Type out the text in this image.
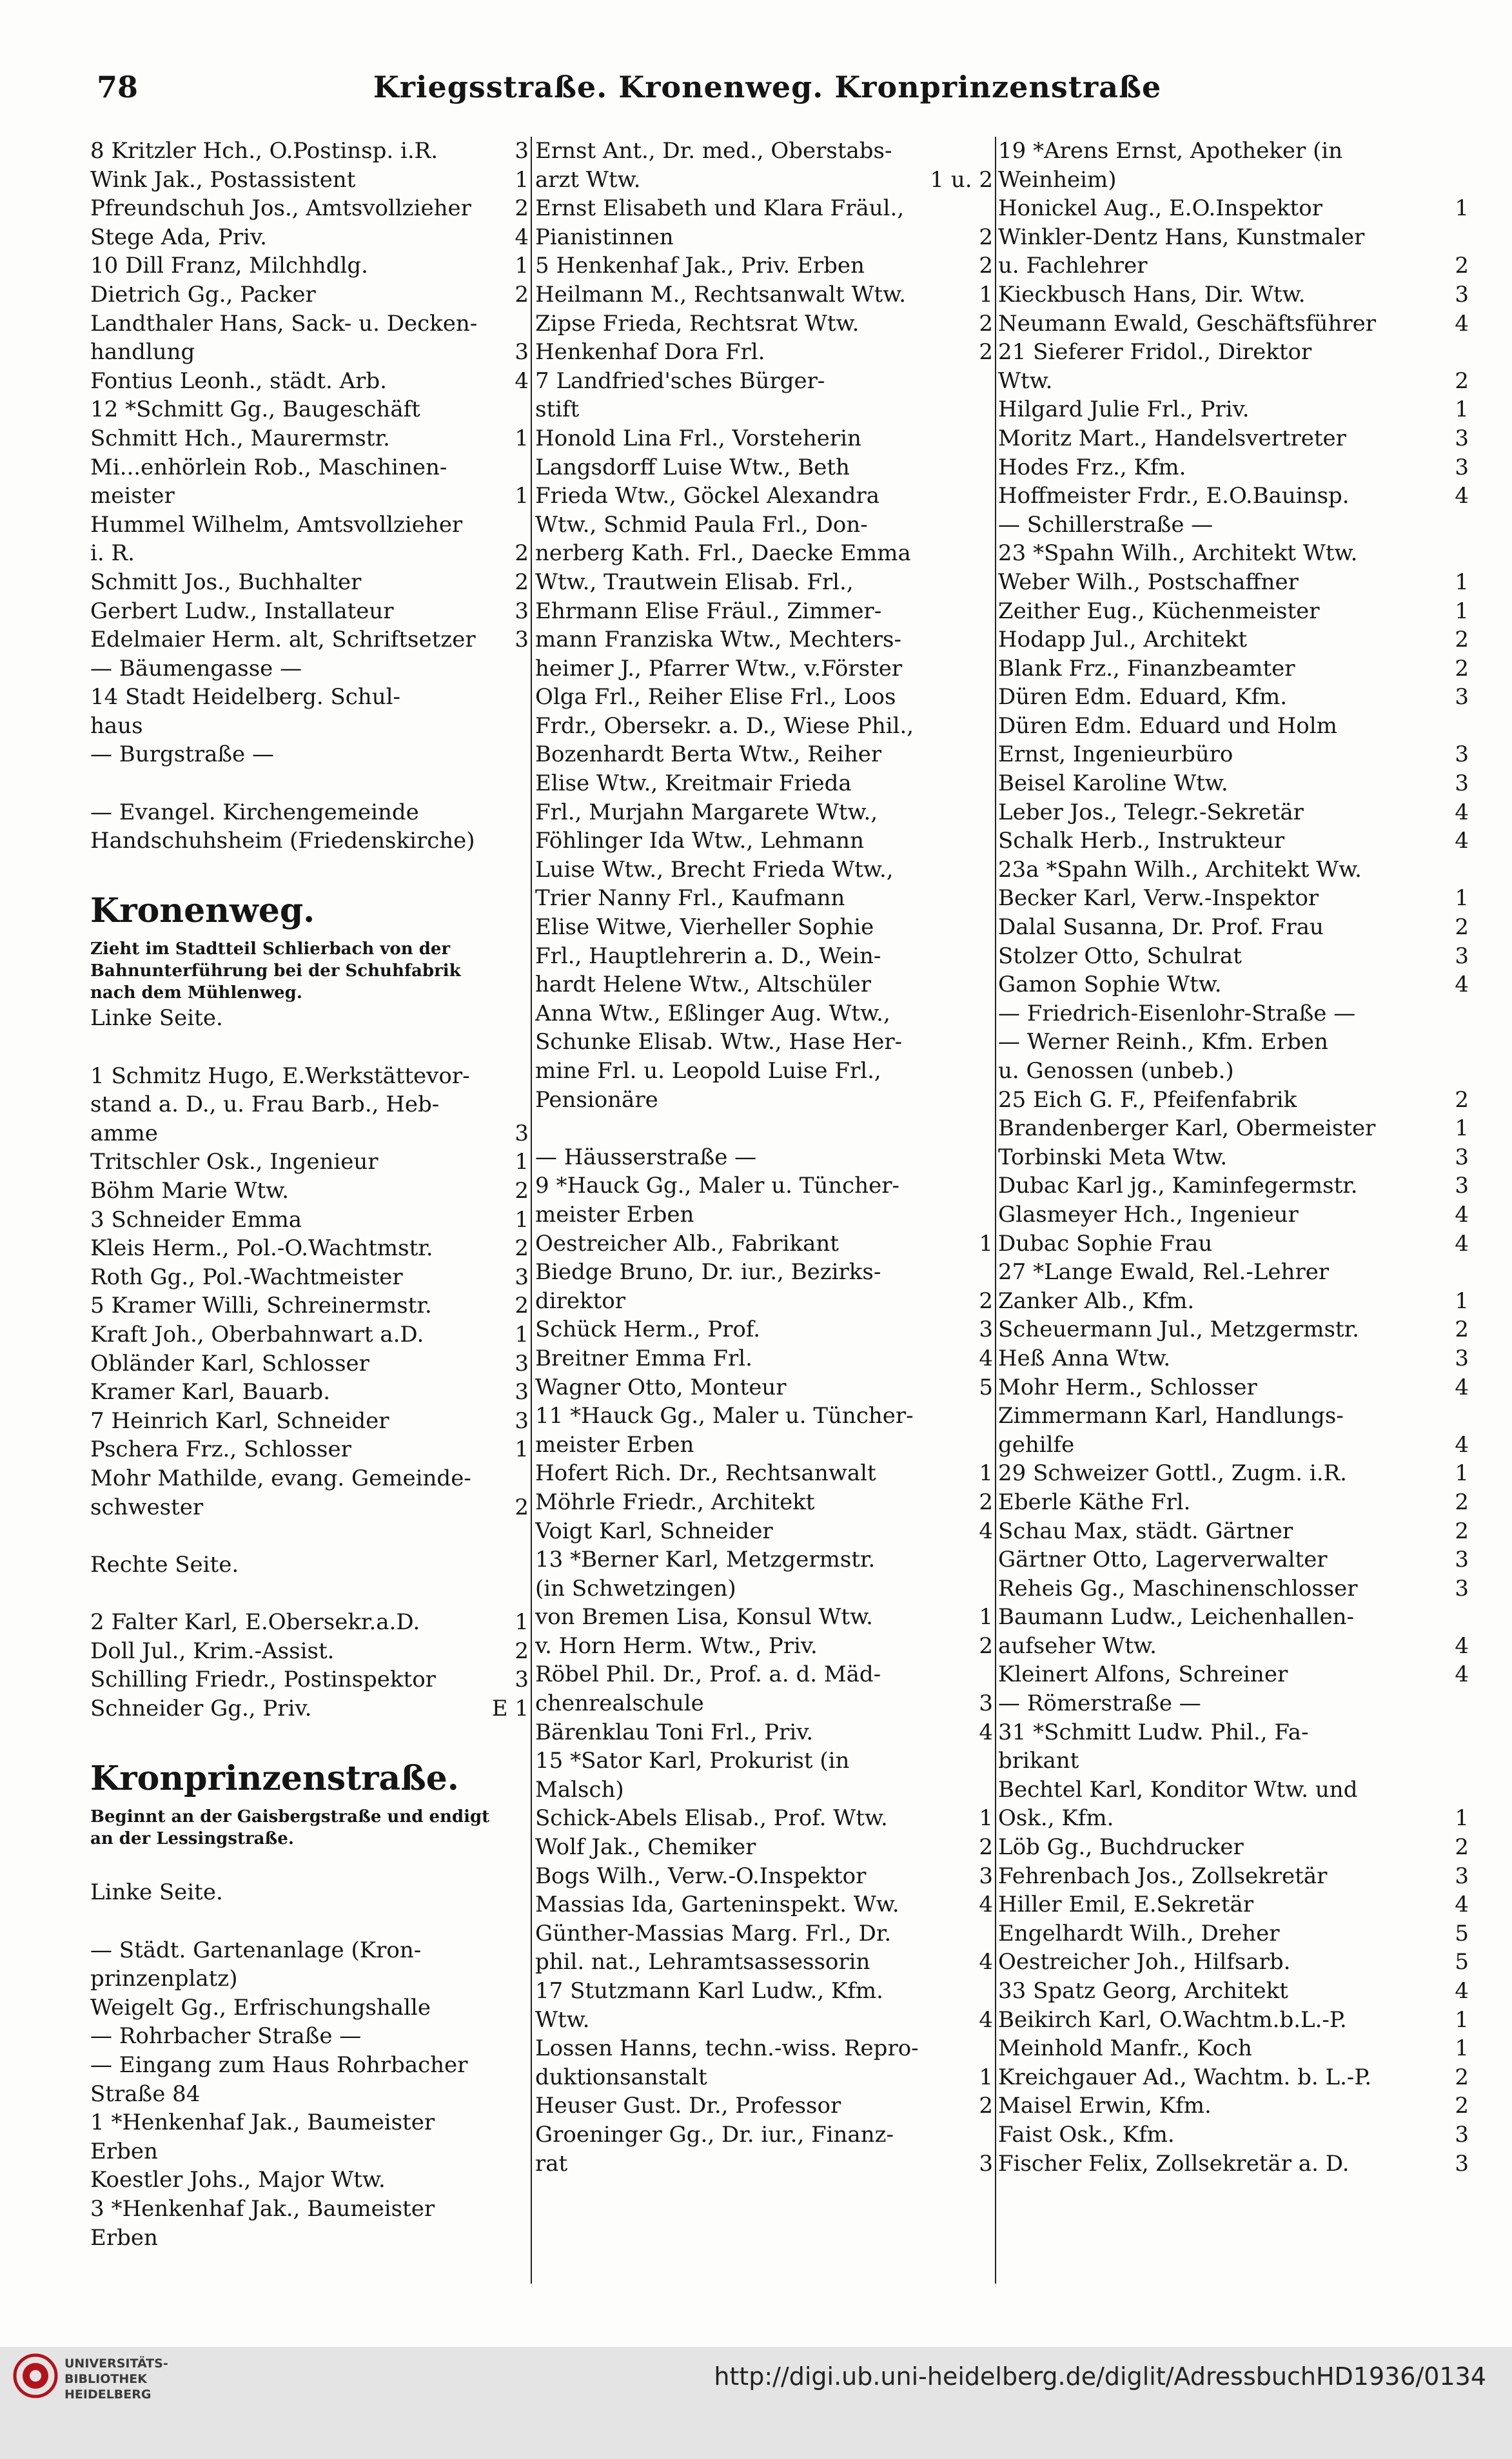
78	Kriegsstraße. Kronenweg. Kronprinzenstraße
8 Kritzler Hch., O.Postinsp. i.R.	3
Wink Jak., Postassistent	1
Pfreundschuh Jos., Amtsvollzieher	2
Stege Ada, Priv.	4
10 Dill Franz, Milchhdlg.	1
Dietrich Gg., Packer	2
Landthaler Hans, Sack- u. Decken-
handlung	3
Fontius Leonh., städt. Arb.	4
12 *Schmitt Gg., Baugeschäft
Schmitt Hch., Maurermstr.	1
Mi...enhörlein Rob., Maschinen-
meister	1
Hummel Wilhelm, Amtsvollzieher
i. R.	2
Schmitt Jos., Buchhalter	2
Gerbert Ludw., Installateur	3
Edelmaier Herm. alt, Schriftsetzer	3
— Bäumengasse —
14 Stadt Heidelberg. Schul-
haus
— Burgstraße —
— Evangel. Kirchengemeinde
Handschuhsheim (Friedenskirche)
Kronenweg.
Zieht im Stadtteil Schlierbach von der
Bahnunterführung bei der Schuhfabrik
nach dem Mühlenweg.
Linke Seite.
1 Schmitz Hugo, E.Werkstättevor-
stand a. D., u. Frau Barb., Heb-
amme	3
Tritschler Osk., Ingenieur	1
Böhm Marie Wtw.	2
3 Schneider Emma	1
Kleis Herm., Pol.-O.Wachtmstr.	2
Roth Gg., Pol.-Wachtmeister	3
5 Kramer Willi, Schreinermstr.	2
Kraft Joh., Oberbahnwart a.D.	1
Obländer Karl, Schlosser	3
Kramer Karl, Bauarb.	3
7 Heinrich Karl, Schneider	3
Pschera Frz., Schlosser	1
Mohr Mathilde, evang. Gemeinde-
schwester	2
Rechte Seite.
2 Falter Karl, E.Obersekr.a.D.	1
Doll Jul., Krim.-Assist.	2
Schilling Friedr., Postinspektor	3
Schneider Gg., Priv.	E 1
Kronprinzenstraße.
Beginnt an der Gaisbergstraße und endigt
an der Lessingstraße.
Linke Seite.
— Städt. Gartenanlage (Kron-
prinzenplatz)
Weigelt Gg., Erfrischungshalle
— Rohrbacher Straße —
— Eingang zum Haus Rohrbacher
Straße 84
1 *Henkenhaf Jak., Baumeister
Erben
Koestler Johs., Major Wtw.
3 *Henkenhaf Jak., Baumeister
Erben
Ernst Ant., Dr. med., Oberstabs-
arzt Wtw.	1 u. 2
Ernst Elisabeth und Klara Fräul.,
Pianistinnen	2
5 Henkenhaf Jak., Priv. Erben	2
Heilmann M., Rechtsanwalt Wtw.	1
Zipse Frieda, Rechtsrat Wtw.	2
Henkenhaf Dora Frl.	2
7 Landfried'sches Bürger-
stift
Honold Lina Frl., Vorsteherin
Langsdorff Luise Wtw., Beth
Frieda Wtw., Göckel Alexandra
Wtw., Schmid Paula Frl., Don-
nerberg Kath. Frl., Daecke Emma
Wtw., Trautwein Elisab. Frl.,
Ehrmann Elise Fräul., Zimmer-
mann Franziska Wtw., Mechters-
heimer J., Pfarrer Wtw., v.Förster
Olga Frl., Reiher Elise Frl., Loos
Frdr., Obersekr. a. D., Wiese Phil.,
Bozenhardt Berta Wtw., Reiher
Elise Wtw., Kreitmair Frieda
Frl., Murjahn Margarete Wtw.,
Föhlinger Ida Wtw., Lehmann
Luise Wtw., Brecht Frieda Wtw.,
Trier Nanny Frl., Kaufmann
Elise Witwe, Vierheller Sophie
Frl., Hauptlehrerin a. D., Wein-
hardt Helene Wtw., Altschüler
Anna Wtw., Eßlinger Aug. Wtw.,
Schunke Elisab. Wtw., Hase Her-
mine Frl. u. Leopold Luise Frl.,
Pensionäre
— Häusserstraße —
9 *Hauck Gg., Maler u. Tüncher-
meister Erben
Oestreicher Alb., Fabrikant	1
Biedge Bruno, Dr. iur., Bezirks-
direktor	2
Schück Herm., Prof.	3
Breitner Emma Frl.	4
Wagner Otto, Monteur	5
11 *Hauck Gg., Maler u. Tüncher-
meister Erben
Hofert Rich. Dr., Rechtsanwalt	1
Möhrle Friedr., Architekt	2
Voigt Karl, Schneider	4
13 *Berner Karl, Metzgermstr.
(in Schwetzingen)
von Bremen Lisa, Konsul Wtw.	1
v. Horn Herm. Wtw., Priv.	2
Röbel Phil. Dr., Prof. a. d. Mäd-
chenrealschule	3
Bärenklau Toni Frl., Priv.	4
15 *Sator Karl, Prokurist (in
Malsch)
Schick-Abels Elisab., Prof. Wtw.	1
Wolf Jak., Chemiker	2
Bogs Wilh., Verw.-O.Inspektor	3
Massias Ida, Garteninspekt. Ww.	4
Günther-Massias Marg. Frl., Dr.
phil. nat., Lehramtsassessorin	4
17 Stutzmann Karl Ludw., Kfm.
Wtw.	4
Lossen Hanns, techn.-wiss. Repro-
duktionsanstalt	1
Heuser Gust. Dr., Professor	2
Groeninger Gg., Dr. iur., Finanz-
rat	3
19 *Arens Ernst, Apotheker (in
Weinheim)
Honickel Aug., E.O.Inspektor	1
Winkler-Dentz Hans, Kunstmaler
u. Fachlehrer	2
Kieckbusch Hans, Dir. Wtw.	3
Neumann Ewald, Geschäftsführer	4
21 Sieferer Fridol., Direktor
Wtw.	2
Hilgard Julie Frl., Priv.	1
Moritz Mart., Handelsvertreter	3
Hodes Frz., Kfm.	3
Hoffmeister Frdr., E.O.Bauinsp.	4
— Schillerstraße —
23 *Spahn Wilh., Architekt Wtw.
Weber Wilh., Postschaffner	1
Zeither Eug., Küchenmeister	1
Hodapp Jul., Architekt	2
Blank Frz., Finanzbeamter	2
Düren Edm. Eduard, Kfm.	3
Düren Edm. Eduard und Holm
Ernst, Ingenieurbüro	3
Beisel Karoline Wtw.	3
Leber Jos., Telegr.-Sekretär	4
Schalk Herb., Instrukteur	4
23a *Spahn Wilh., Architekt Ww.
Becker Karl, Verw.-Inspektor	1
Dalal Susanna, Dr. Prof. Frau	2
Stolzer Otto, Schulrat	3
Gamon Sophie Wtw.	4
— Friedrich-Eisenlohr-Straße —
— Werner Reinh., Kfm. Erben
u. Genossen (unbeb.)
25 Eich G. F., Pfeifenfabrik	2
Brandenberger Karl, Obermeister	1
Torbinski Meta Wtw.	3
Dubac Karl jg., Kaminfegermstr.	3
Glasmeyer Hch., Ingenieur	4
Dubac Sophie Frau	4
27 *Lange Ewald, Rel.-Lehrer
Zanker Alb., Kfm.	1
Scheuermann Jul., Metzgermstr.	2
Heß Anna Wtw.	3
Mohr Herm., Schlosser	4
Zimmermann Karl, Handlungs-
gehilfe	4
29 Schweizer Gottl., Zugm. i.R.	1
Eberle Käthe Frl.	2
Schau Max, städt. Gärtner	2
Gärtner Otto, Lagerverwalter	3
Reheis Gg., Maschinenschlosser	3
Baumann Ludw., Leichenhallen-
aufseher Wtw.	4
Kleinert Alfons, Schreiner	4
— Römerstraße —
31 *Schmitt Ludw. Phil., Fa-
brikant
Bechtel Karl, Konditor Wtw. und
Osk., Kfm.	1
Löb Gg., Buchdrucker	2
Fehrenbach Jos., Zollsekretär	3
Hiller Emil, E.Sekretär	4
Engelhardt Wilh., Dreher	5
Oestreicher Joh., Hilfsarb.	5
33 Spatz Georg, Architekt	4
Beikirch Karl, O.Wachtm.b.L.-P.	1
Meinhold Manfr., Koch	1
Kreichgauer Ad., Wachtm. b. L.-P.	2
Maisel Erwin, Kfm.	2
Faist Osk., Kfm.	3
Fischer Felix, Zollsekretär a. D.	3
UNIVERSITÄTS-
BIBLIOTHEK
HEIDELBERG
http://digi.ub.uni-heidelberg.de/diglit/AdressbuchHD1936/0134
